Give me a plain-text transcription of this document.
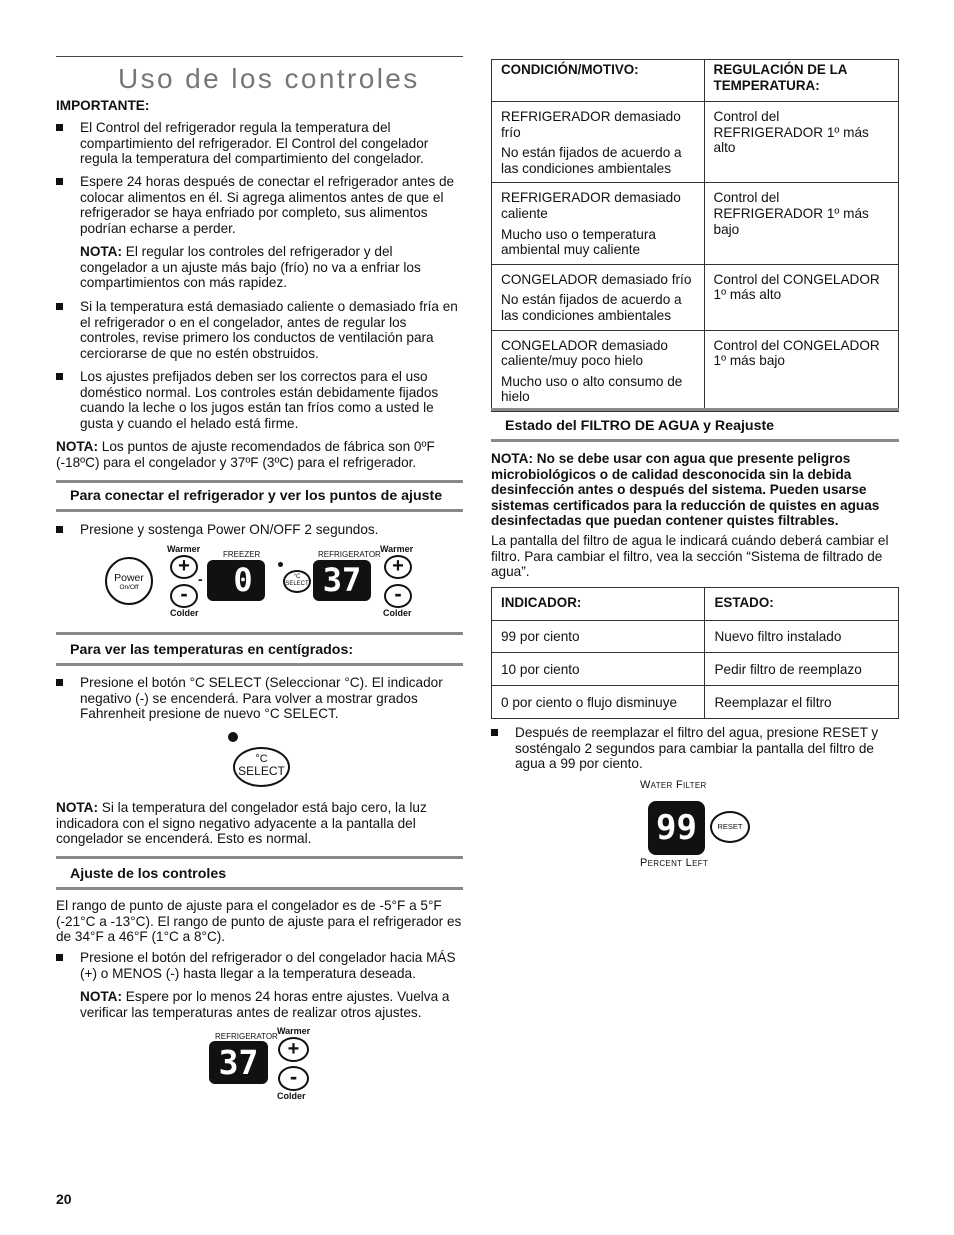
Uso de los controles
IMPORTANTE:
El Control del refrigerador regula la temperatura del compartimiento del refrigerador. El Control del congelador regula la temperatura del compartimiento del congelador.
Espere 24 horas después de conectar el refrigerador antes de colocar alimentos en él. Si agrega alimentos antes de que el refrigerador se haya enfriado por completo, sus alimentos podrían echarse a perder.

NOTA: El regular los controles del refrigerador y del congelador a un ajuste más bajo (frío) no va a enfriar los compartimientos con más rapidez.

Si la temperatura está demasiado caliente o demasiado fría en el refrigerador o en el congelador, antes de regular los controles, revise primero los conductos de ventilación para cerciorarse de que no estén obstruidos.
Los ajustes prefijados deben ser los correctos para el uso doméstico normal. Los controles están debidamente fijados cuando la leche o los jugos están tan fríos como a usted le gusta y cuando el helado está firme.

NOTA: Los puntos de ajuste recomendados de fábrica son 0ºF (-18ºC) para el congelador y 37ºF (3ºC) para el refrigerador.

Para conectar el refrigerador y ver los puntos de ajuste
Presione y sostenga Power ON/OFF 2 segundos.
Power
On/Off
Warmer
+
-
Colder
-
FREEZER
0	°C
SELECT
REFRIGERATOR
37
Warmer
+
-
Colder
Para ver las temperaturas en centígrados:
Presione el botón °C SELECT (Seleccionar °C). El indicador negativo (-) se encenderá. Para volver a mostrar grados Fahrenheit presione de nuevo °C SELECT.
°C
SELECT

NOTA: Si la temperatura del congelador está bajo cero, la luz indicadora con el signo negativo adyacente a la pantalla del congelador se encenderá. Esto es normal.

Ajuste de los controles

El rango de punto de ajuste para el congelador es de -5°F a 5°F (-21°C a -13°C). El rango de punto de ajuste para el refrigerador es de 34°F a 46°F (1°C a 8°C).

Presione el botón del refrigerador o del congelador hacia MÁS (+) o MENOS (-) hasta llegar a la temperatura deseada.

NOTA: Espere por lo menos 24 horas entre ajustes. Vuelva a verificar las temperaturas antes de realizar otros ajustes.

REFRIGERATOR
37
Warmer
+
-
Colder
20
CONDICIÓN/MOTIVO:	REGULACIÓN DE LA TEMPERATURA:

REFRIGERADOR demasiado frío

No están fijados de acuerdo a las condiciones ambientales	Control del REFRIGERADOR 1º más alto

REFRIGERADOR demasiado caliente

Mucho uso o temperatura ambiental muy caliente	Control del REFRIGERADOR 1º más bajo

CONGELADOR demasiado frío

No están fijados de acuerdo a las condiciones ambientales	Control del CONGELADOR 1º más alto

CONGELADOR demasiado caliente/muy poco hielo

Mucho uso o alto consumo de hielo	Control del CONGELADOR 1º más bajo
Estado del FILTRO DE AGUA y Reajuste

NOTA: No se debe usar con agua que presente peligros microbiológicos o de calidad desconocida sin la debida desinfección antes o después del sistema. Pueden usarse sistemas certificados para la reducción de quistes en aguas desinfectadas que puedan contener quistes filtrables.

La pantalla del filtro de agua le indicará cuándo deberá cambiar el filtro. Para cambiar el filtro, vea la sección “Sistema de filtrado de agua”.

INDICADOR:	ESTADO:
99 por ciento	Nuevo filtro instalado
10 por ciento	Pedir filtro de reemplazo
0 por ciento o flujo disminuye	Reemplazar el filtro
Después de reemplazar el filtro del agua, presione RESET y sosténgalo 2 segundos para cambiar la pantalla del filtro de agua a 99 por ciento.
Water Filter
99	RESET
Percent Left
